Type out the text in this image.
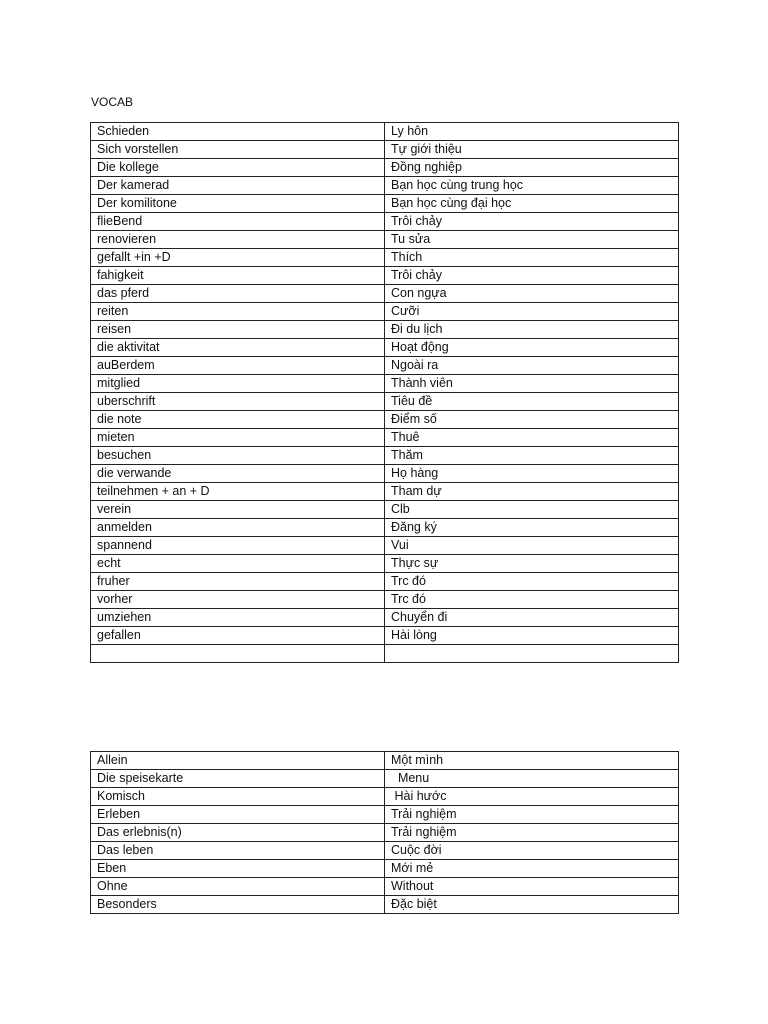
VOCAB
Schieden	Ly hôn
Sich vorstellen	Tự giới thiệu
Die kollege	Đồng nghiệp
Der kamerad	Bạn học cùng trung học
Der komilitone	Bạn học cùng đại học
flieBend	Trôi chảy
renovieren	Tu sửa
gefallt +in +D	Thích
fahigkeit	Trôi chảy
das pferd	Con ngựa
reiten	Cưỡi
reisen	Đi du lịch
die aktivitat	Hoạt động
auBerdem	Ngoài ra
mitglied	Thành viên
uberschrift	Tiêu đề
die note	Điểm số
mieten	Thuê
besuchen	Thăm
die verwande	Họ hàng
teilnehmen + an + D	Tham dự
verein	Clb
anmelden	Đăng ký
spannend	Vui
echt	Thực sự
fruher	Trc đó
vorher	Trc đó
umziehen	Chuyển đi
gefallen	Hài lòng

Allein	Một mình
Die speisekarte	Menu
Komisch	Hài hước
Erleben	Trải nghiệm
Das erlebnis(n)	Trải nghiệm
Das leben	Cuộc đời
Eben	Mới mẻ
Ohne	Without
Besonders	Đặc biệt
